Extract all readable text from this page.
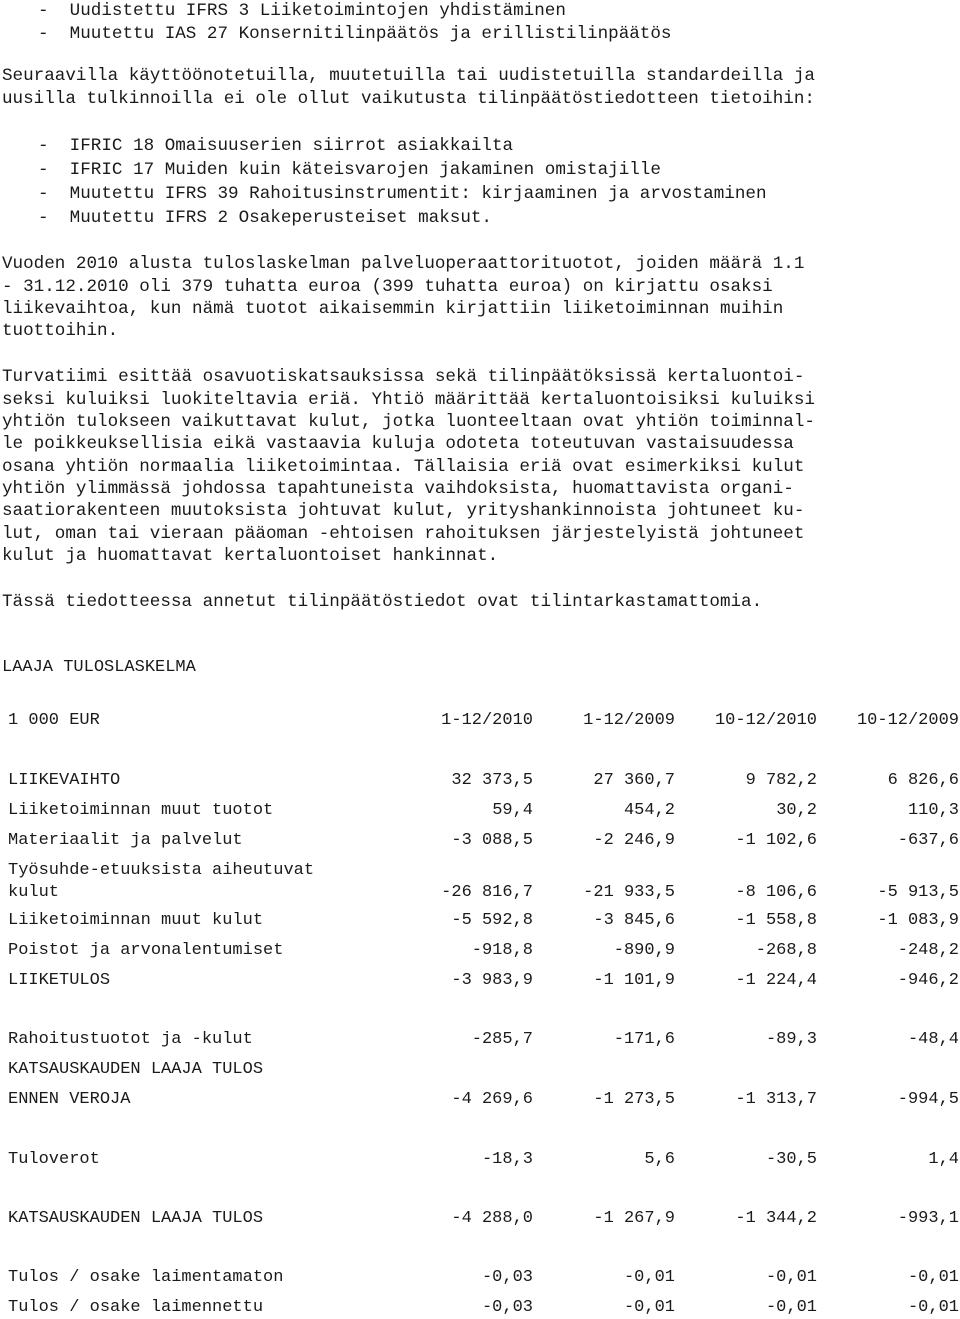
-  Uudistettu IFRS 3 Liiketoimintojen yhdistäminen
-  Muutettu IAS 27 Konsernitilinpäätös ja erillistilinpäätös
Seuraavilla käyttöönotetuilla, muutetuilla tai uudistetuilla standardeilla ja
uusilla tulkinnoilla ei ole ollut vaikutusta tilinpäätöstiedotteen tietoihin:
-  IFRIC 18 Omaisuuserien siirrot asiakkailta
-  IFRIC 17 Muiden kuin käteisvarojen jakaminen omistajille
-  Muutettu IFRS 39 Rahoitusinstrumentit: kirjaaminen ja arvostaminen
-  Muutettu IFRS 2 Osakeperusteiset maksut.
Vuoden 2010 alusta tuloslaskelman palveluoperaattorituotot, joiden määrä 1.1
- 31.12.2010 oli 379 tuhatta euroa (399 tuhatta euroa) on kirjattu osaksi
liikevaihtoa, kun nämä tuotot aikaisemmin kirjattiin liiketoiminnan muihin
tuottoihin.
Turvatiimi esittää osavuotiskatsauksissa sekä tilinpäätöksissä kertaluontoi-
seksi kuluiksi luokiteltavia eriä. Yhtiö määrittää kertaluontoisiksi kuluiksi
yhtiön tulokseen vaikuttavat kulut, jotka luonteeltaan ovat yhtiön toiminnal-
le poikkeuksellisia eikä vastaavia kuluja odoteta toteutuvan vastaisuudessa
osana yhtiön normaalia liiketoimintaa. Tällaisia eriä ovat esimerkiksi kulut
yhtiön ylimmässä johdossa tapahtuneista vaihdoksista, huomattavista organi-
saatiorakenteen muutoksista johtuvat kulut, yrityshankinnoista johtuneet ku-
lut, oman tai vieraan pääoman -ehtoisen rahoituksen järjestelyistä johtuneet
kulut ja huomattavat kertaluontoiset hankinnat.
Tässä tiedotteessa annetut tilinpäätöstiedot ovat tilintarkastamattomia.
LAAJA TULOSLASKELMA
1 000 EUR	1-12/2010	1-12/2009	10-12/2010	10-12/2009
LIIKEVAIHTO	32 373,5	27 360,7	9 782,2	6 826,6
Liiketoiminnan muut tuotot	59,4	454,2	30,2	110,3
Materiaalit ja palvelut	-3 088,5	-2 246,9	-1 102,6	-637,6
Työsuhde-etuuksista aiheutuvat
kulut	-26 816,7	-21 933,5	-8 106,6	-5 913,5
Liiketoiminnan muut kulut	-5 592,8	-3 845,6	-1 558,8	-1 083,9
Poistot ja arvonalentumiset	-918,8	-890,9	-268,8	-248,2
LIIKETULOS	-3 983,9	-1 101,9	-1 224,4	-946,2
Rahoitustuotot ja -kulut	-285,7	-171,6	-89,3	-48,4
KATSAUSKAUDEN LAAJA TULOS
ENNEN VEROJA	-4 269,6	-1 273,5	-1 313,7	-994,5
Tuloverot	-18,3	5,6	-30,5	1,4
KATSAUSKAUDEN LAAJA TULOS	-4 288,0	-1 267,9	-1 344,2	-993,1
Tulos / osake laimentamaton	-0,03	-0,01	-0,01	-0,01
Tulos / osake laimennettu	-0,03	-0,01	-0,01	-0,01
